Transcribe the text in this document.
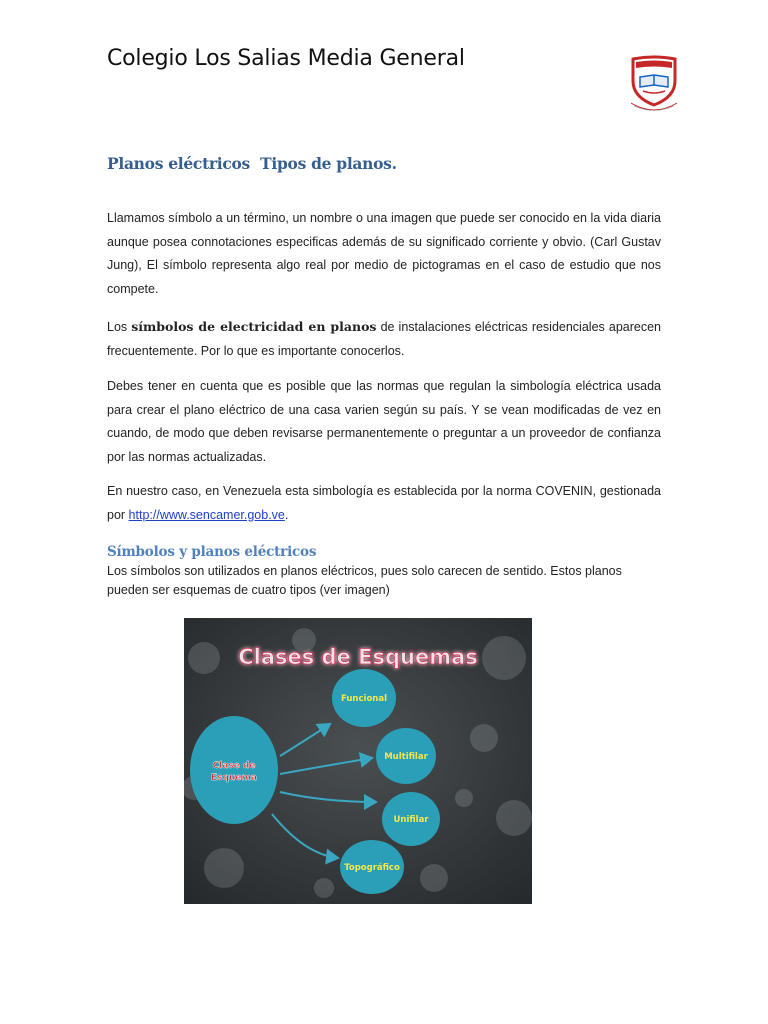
Colegio Los Salias Media General
Planos eléctricos  Tipos de planos.

Llamamos símbolo a un término, un nombre o una imagen que puede ser conocido en la vida diaria aunque posea connotaciones especificas además de su significado corriente y obvio. (Carl Gustav Jung), El símbolo representa algo real por medio de pictogramas en el caso de estudio que nos compete.

Los símbolos de electricidad en planos de instalaciones eléctricas residenciales aparecen frecuentemente. Por lo que es importante conocerlos.

Debes tener en cuenta que es posible que las normas que regulan la simbología eléctrica usada para crear el plano eléctrico de una casa varien según su país. Y se vean modificadas de vez en cuando, de modo que deben revisarse permanentemente o preguntar a un proveedor de confianza por las normas actualizadas.

En nuestro caso, en Venezuela esta simbología es establecida por la norma COVENIN, gestionada por http://www.sencamer.gob.ve.

Símbolos y planos eléctricos

Los símbolos son utilizados en planos eléctricos, pues solo carecen de sentido. Estos planos pueden ser esquemas de cuatro tipos (ver imagen)

Clases de Esquemas
Clase de
Esquema
Funcional
Multifilar
Unifilar
Topográfico
